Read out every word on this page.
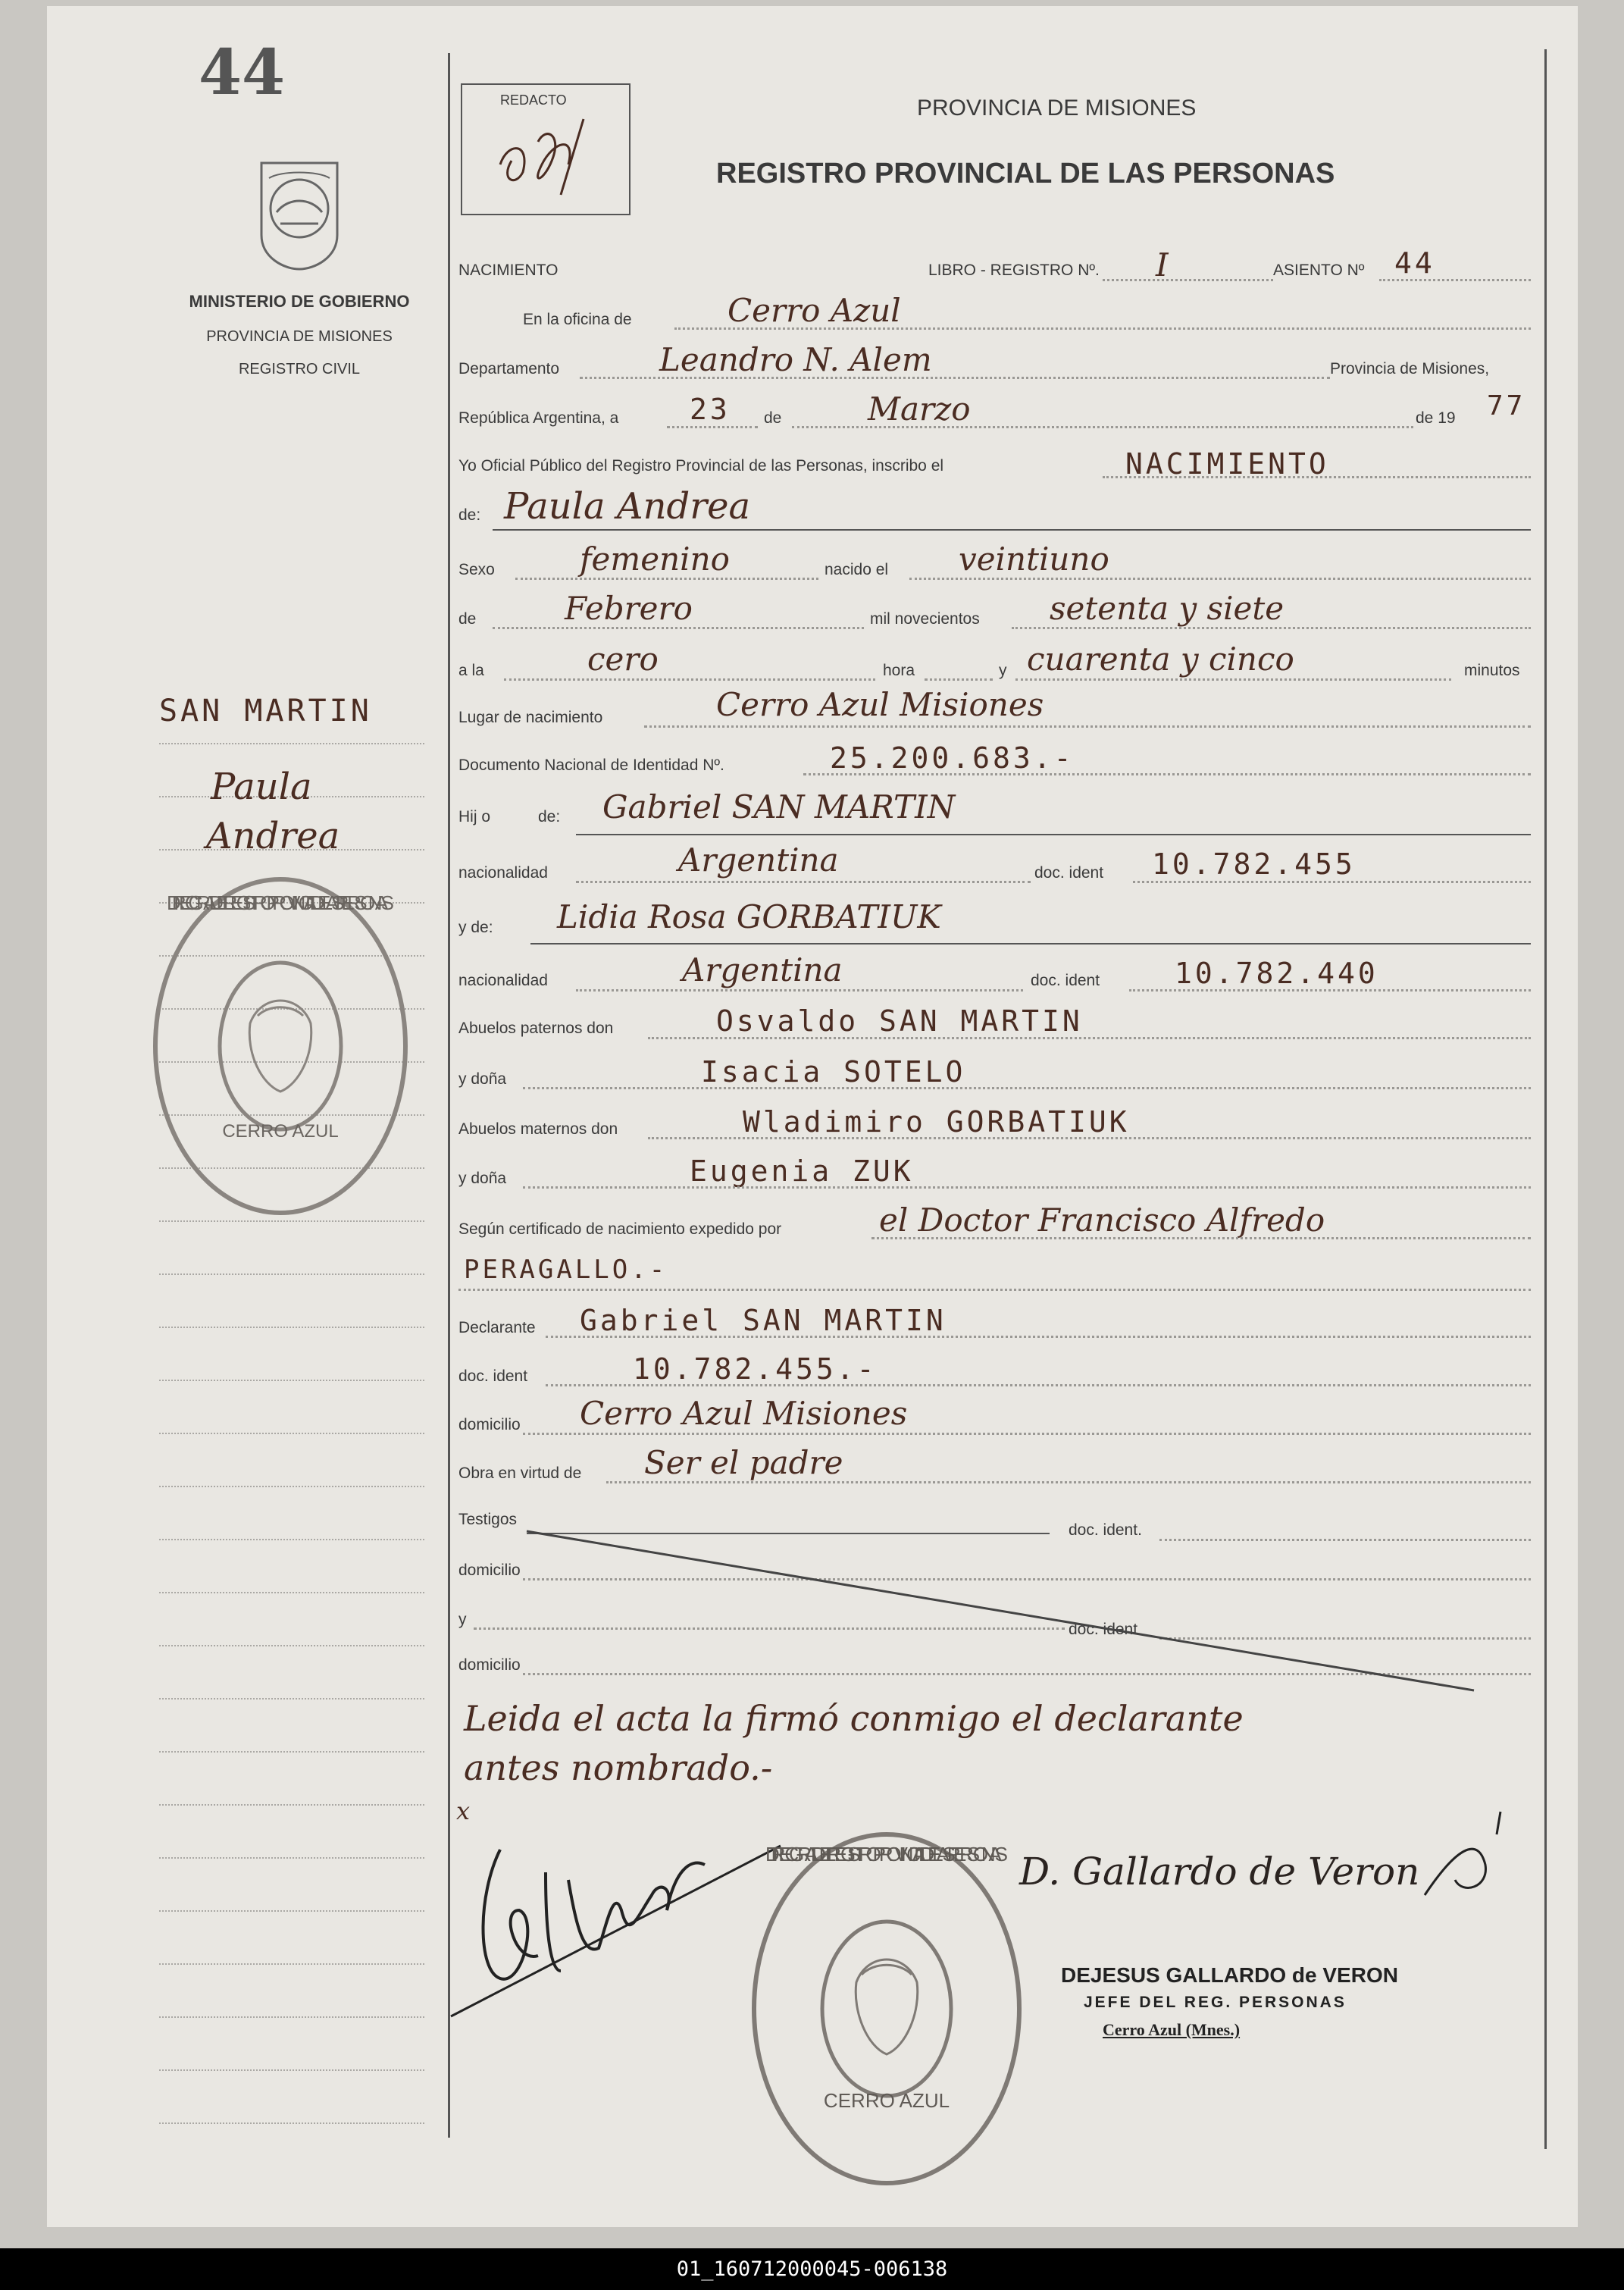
44	REDACTO
MINISTERIO DE GOBIERNO
PROVINCIA DE MISIONES
REGISTRO CIVIL
PROVINCIA DE MISIONES
REGISTRO PROVINCIAL DE LAS PERSONAS
SAN MARTIN
Paula
Andrea
DIREC. GRAL. DEL REGISTRO PROVINCIAL DE LAS PERSONAS
CERRO AZUL
NACIMIENTO	LIBRO - REGISTRO Nº. I	ASIENTO Nº 44
En la oficina de	Cerro Azul
Departamento	Leandro N. Alem	Provincia de Misiones,
República Argentina, a 23 de	Marzo	de 19 77
Yo Oficial Público del Registro Provincial de las Personas, inscribo el	NACIMIENTO
de: Paula Andrea
Sexo	femenino	nacido el veintiuno
de	Febrero	mil novecientos setenta y siete
a la	cero	hora	y cuarenta y cinco	minutos
Lugar de nacimiento	Cerro Azul Misiones
Documento Nacional de Identidad Nº.	25.200.683.-
Hij o	de: Gabriel SAN MARTIN
nacionalidad	Argentina	doc. ident 10.782.455
y de: Lidia Rosa GORBATIUK
nacionalidad	Argentina	doc. ident	10.782.440
Abuelos paternos don	Osvaldo SAN MARTIN
y doña	Isacia SOTELO
Abuelos maternos don	Wladimiro GORBATIUK
y doña	Eugenia ZUK
Según certificado de nacimiento expedido por	el Doctor Francisco Alfredo
PERAGALLO.-
Declarante Gabriel SAN MARTIN
doc. ident	10.782.455.-
domicilio Cerro Azul Misiones
Obra en virtud de Ser el padre
Testigos
doc. ident.
domicilio
y
doc. ident
domicilio
Leida el acta la firmó conmigo el declarante
antes nombrado.-
x
DIREC. GRAL. DEL REGISTRO PROVINCIAL DE LAS PERSONAS
CERRO AZUL
D. Gallardo de Veron
DEJESUS GALLARDO de VERON
JEFE DEL REG. PERSONAS
Cerro Azul (Mnes.)
01_160712000045-006138
